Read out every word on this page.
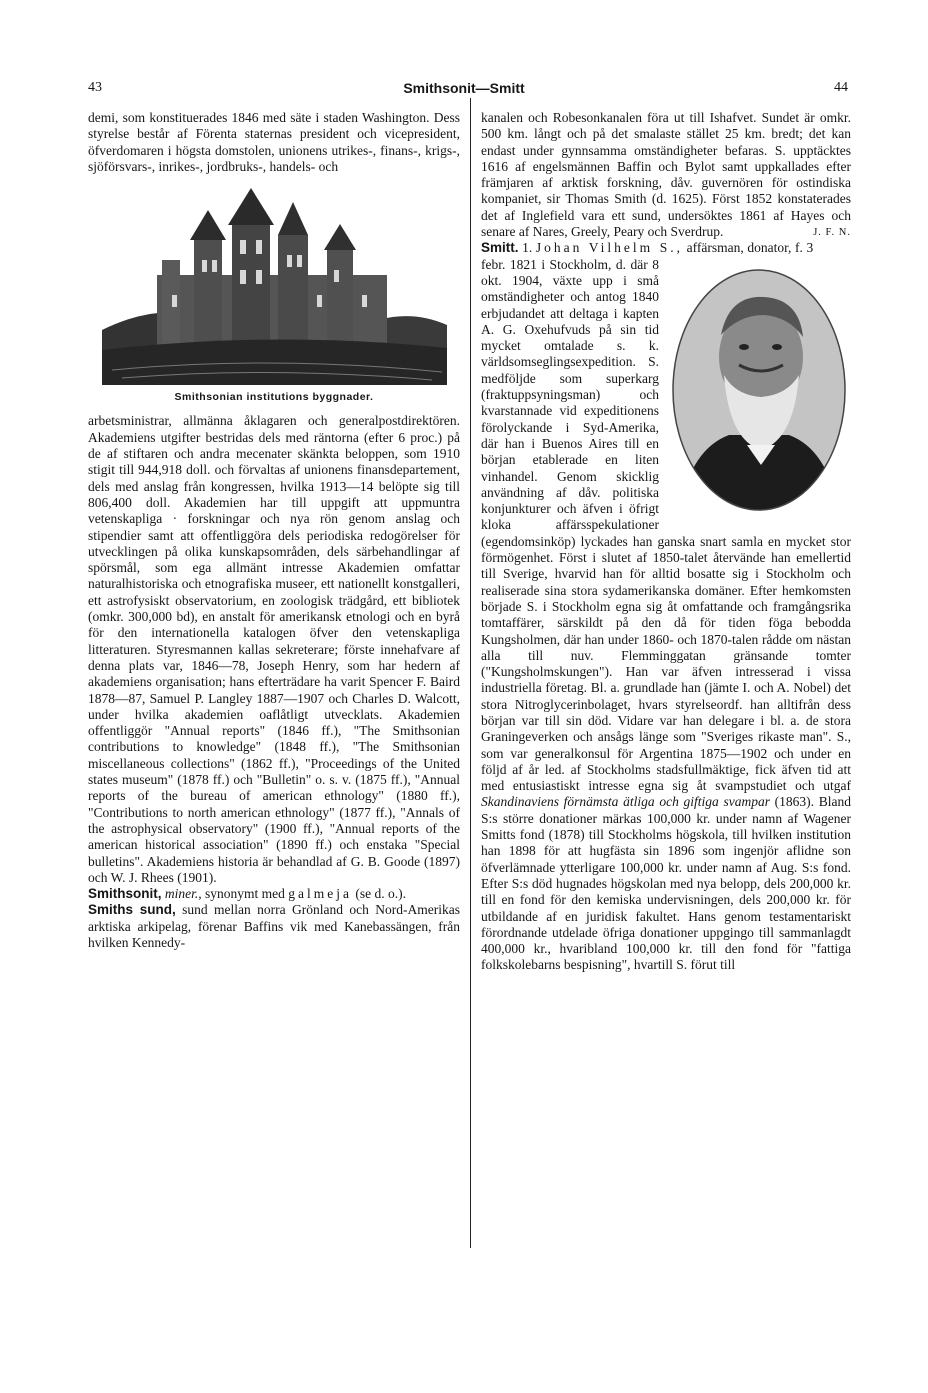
43	Smithsonit—Smitt	44

demi, som konstituerades 1846 med säte i staden Washington. Dess styrelse består af Förenta staternas president och vicepresident, öfverdomaren i högsta domstolen, unionens utrikes-, finans-, krigs-, sjöförsvars-, inrikes-, jordbruks-, handels- och

Smithsonian institutions byggnader.

arbetsministrar, allmänna åklagaren och generalpostdirektören. Akademiens utgifter bestridas dels med räntorna (efter 6 proc.) på de af stiftaren och andra mecenater skänkta beloppen, som 1910 stigit till 944,918 doll. och förvaltas af unionens finansdepartement, dels med anslag från kongressen, hvilka 1913—14 belöpte sig till 806,400 doll. Akademien har till uppgift att uppmuntra vetenskapliga · forskningar och nya rön genom anslag och stipendier samt att offentliggöra dels periodiska redogörelser för utvecklingen på olika kunskapsområden, dels särbehandlingar af spörsmål, som ega allmänt intresse Akademien omfattar naturalhistoriska och etnografiska museer, ett nationellt konstgalleri, ett astrofysiskt observatorium, en zoologisk trädgård, ett bibliotek (omkr. 300,000 bd), en anstalt för amerikansk etnologi och en byrå för den internationella katalogen öfver den vetenskapliga litteraturen. Styresmannen kallas sekreterare; förste innehafvare af denna plats var, 1846—78, Joseph Henry, som har hedern af akademiens organisation; hans efterträdare ha varit Spencer F. Baird 1878—87, Samuel P. Langley 1887—1907 och Charles D. Walcott, under hvilka akademien oaflåtligt utvecklats. Akademien offentliggör "Annual reports" (1846 ff.), "The Smithsonian contributions to knowledge" (1848 ff.), "The Smithsonian miscellaneous collections" (1862 ff.), "Proceedings of the United states museum" (1878 ff.) och "Bulletin" o. s. v. (1875 ff.), "Annual reports of the bureau of american ethnology" (1880 ff.), "Contributions to north american ethnology" (1877 ff.), "Annals of the astrophysical observatory" (1900 ff.), "Annual reports of the american historical association" (1890 ff.) och enstaka "Special bulletins". Akademiens historia är behandlad af G. B. Goode (1897) och W. J. Rhees (1901).

Smithsonit, miner., synonymt med galmeja (se d. o.).

Smiths sund, sund mellan norra Grönland och Nord-Amerikas arktiska arkipelag, förenar Baffins vik med Kanebassängen, från hvilken Kennedy-

kanalen och Robesonkanalen föra ut till Ishafvet. Sundet är omkr. 500 km. långt och på det smalaste stället 25 km. bredt; det kan endast under gynnsamma omständigheter befaras. S. upptäcktes 1616 af engelsmännen Baffin och Bylot samt uppkallades efter främjaren af arktisk forskning, dåv. guvernören för ostindiska kompaniet, sir Thomas Smith (d. 1625). Först 1852 konstaterades det af Inglefield vara ett sund, undersöktes 1861 af Hayes och senare af Nares, Greely, Peary och Sverdrup.	J. F. N.

Smitt. 1. Johan Vilhelm S., affärsman, donator, f. 3 febr. 1821 i Stockholm, d. där 8 okt. 1904, växte upp i små omständigheter och antog 1840 erbjudandet att deltaga i kapten A. G. Oxehufvuds på sin tid mycket omtalade s. k. världsomseglingsexpedition. S. medföljde som superkarg (fraktuppsyningsman) och kvarstannade vid expeditionens förolyckande i Syd-Amerika, där han i Buenos Aires till en början etablerade en liten vinhandel. Genom skicklig användning af dåv. politiska konjunkturer och äfven i öfrigt kloka affärsspekulationer (egendomsinköp) lyckades han ganska snart samla en mycket stor förmögenhet. Först i slutet af 1850-talet återvände han emellertid till Sverige, hvarvid han för alltid bosatte sig i Stockholm och realiserade sina stora sydamerikanska domäner. Efter hemkomsten började S. i Stockholm egna sig åt omfattande och framgångsrika tomtaffärer, särskildt på den då för tiden föga bebodda Kungsholmen, där han under 1860- och 1870-talen rådde om nästan alla till nuv. Flemminggatan gränsande tomter ("Kungsholmskungen"). Han var äfven intresserad i vissa industriella företag. Bl. a. grundlade han (jämte I. och A. Nobel) det stora Nitroglycerinbolaget, hvars styrelseordf. han alltifrån dess början var till sin död. Vidare var han delegare i bl. a. de stora Graningeverken och ansågs länge som "Sveriges rikaste man". S., som var generalkonsul för Argentina 1875—1902 och under en följd af år led. af Stockholms stadsfullmäktige, fick äfven tid att med entusiastiskt intresse egna sig åt svampstudiet och utgaf Skandinaviens förnämsta ätliga och giftiga svampar (1863). Bland S:s större donationer märkas 100,000 kr. under namn af Wagener Smitts fond (1878) till Stockholms högskola, till hvilken institution han 1898 för att hugfästa sin 1896 som ingenjör aflidne son öfverlämnade ytterligare 100,000 kr. under namn af Aug. S:s fond. Efter S:s död hugnades högskolan med nya belopp, dels 200,000 kr. till en fond för den kemiska undervisningen, dels 200,000 kr. för utbildande af en juridisk fakultet. Hans genom testamentariskt förordnande utdelade öfriga donationer uppgingo till sammanlagdt 400,000 kr., hvaribland 100,000 kr. till den fond för "fattiga folkskolebarns bespisning", hvartill S. förut till
